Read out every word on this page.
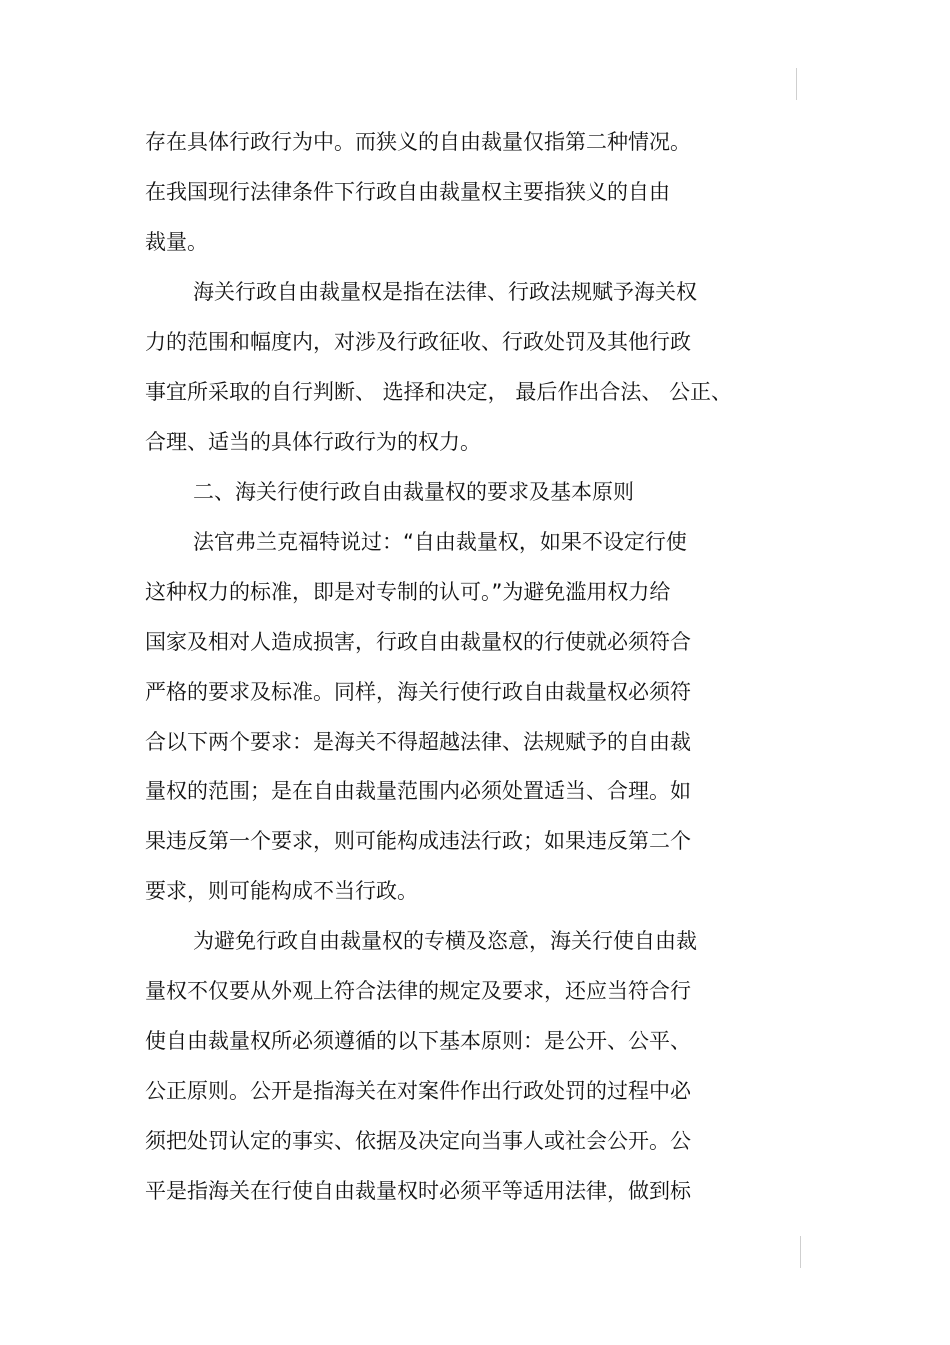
存在具体行政行为中。而狭义的自由裁量仅指第二种情况。
在我国现行法律条件下行政自由裁量权主要指狭义的自由
裁量。
海关行政自由裁量权是指在法律、行政法规赋予海关权
力的范围和幅度内，对涉及行政征收、行政处罚及其他行政
事宜所采取的自行判断、 选择和决定， 最后作出合法、 公正、
合理、适当的具体行政行为的权力。
二、海关行使行政自由裁量权的要求及基本原则
法官弗兰克福特说过：“自由裁量权，如果不设定行使
这种权力的标准，即是对专制的认可。”为避免滥用权力给
国家及相对人造成损害，行政自由裁量权的行使就必须符合
严格的要求及标准。同样，海关行使行政自由裁量权必须符
合以下两个要求：是海关不得超越法律、法规赋予的自由裁
量权的范围；是在自由裁量范围内必须处置适当、合理。如
果违反第一个要求，则可能构成违法行政；如果违反第二个
要求，则可能构成不当行政。
为避免行政自由裁量权的专横及恣意，海关行使自由裁
量权不仅要从外观上符合法律的规定及要求，还应当符合行
使自由裁量权所必须遵循的以下基本原则：是公开、公平、
公正原则。公开是指海关在对案件作出行政处罚的过程中必
须把处罚认定的事实、依据及决定向当事人或社会公开。公
平是指海关在行使自由裁量权时必须平等适用法律，做到标
